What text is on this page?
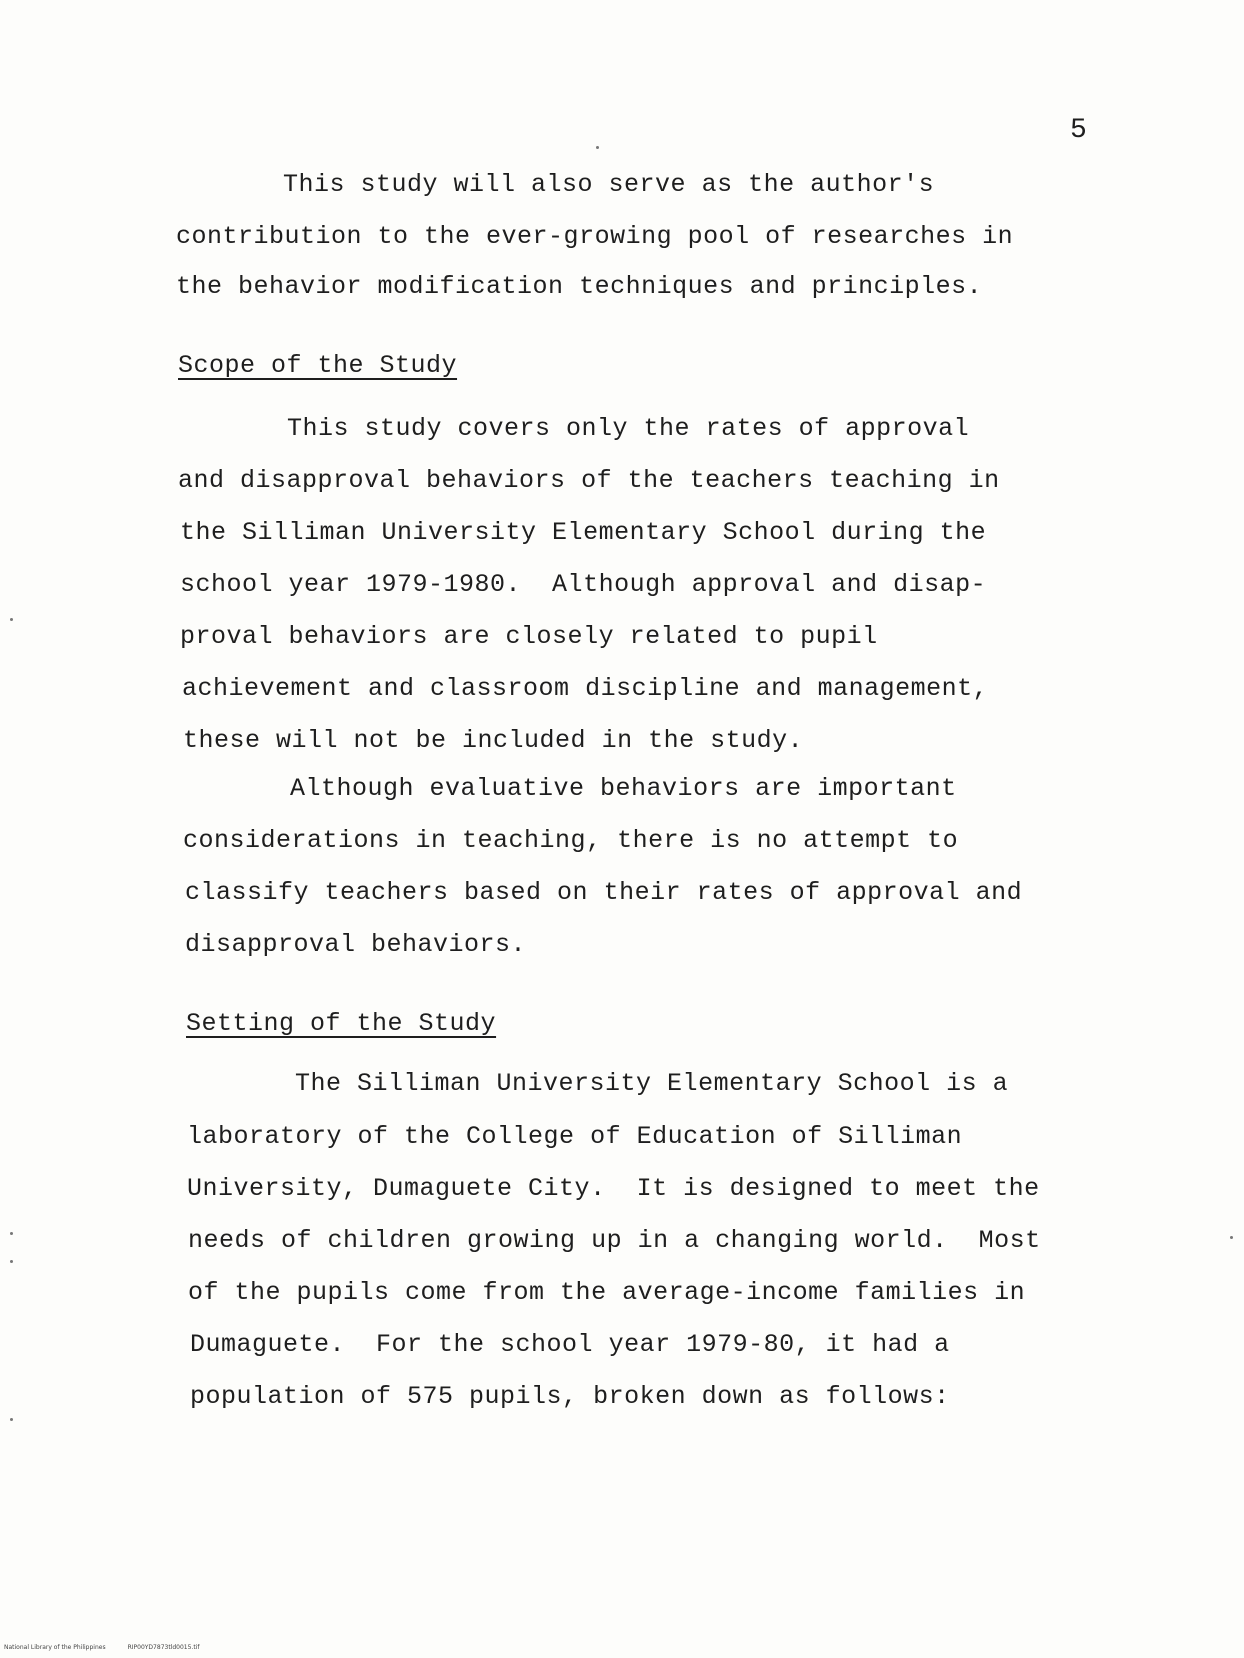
5
This study will also serve as the author's
contribution to the ever-growing pool of researches in
the behavior modification techniques and principles.
Scope of the Study
This study covers only the rates of approval
and disapproval behaviors of the teachers teaching in
the Silliman University Elementary School during the
school year 1979-1980.  Although approval and disap-
proval behaviors are closely related to pupil
achievement and classroom discipline and management,
these will not be included in the study.
Although evaluative behaviors are important
considerations in teaching, there is no attempt to
classify teachers based on their rates of approval and
disapproval behaviors.
Setting of the Study
The Silliman University Elementary School is a
laboratory of the College of Education of Silliman
University, Dumaguete City.  It is designed to meet the
needs of children growing up in a changing world.  Most
of the pupils come from the average-income families in
Dumaguete.  For the school year 1979-80, it had a
population of 575 pupils, broken down as follows:
National Library of the Philippines	RIP00YD7873tld0015.tif
